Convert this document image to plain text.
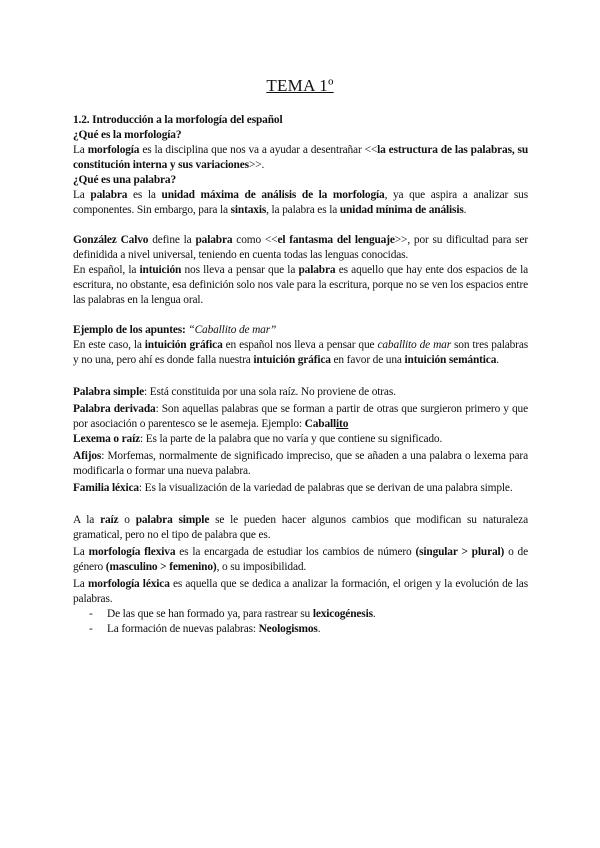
TEMA 1º

1.2. Introducción a la morfología del español

¿Qué es la morfología?

La morfología es la disciplina que nos va a ayudar a desentrañar <<la estructura de las palabras, su constitución interna y sus variaciones>>.

¿Qué es una palabra?

La palabra es la unidad máxima de análisis de la morfología, ya que aspira a analizar sus componentes. Sin embargo, para la sintaxis, la palabra es la unidad mínima de análisis.

González Calvo define la palabra como <<el fantasma del lenguaje>>, por su dificultad para ser definidida a nivel universal, teniendo en cuenta todas las lenguas conocidas.

En español, la intuición nos lleva a pensar que la palabra es aquello que hay ente dos espacios de la escritura, no obstante, esa definición solo nos vale para la escritura, porque no se ven los espacios entre las palabras en la lengua oral.

Ejemplo de los apuntes: “Caballito de mar”

En este caso, la intuición gráfica en español nos lleva a pensar que caballito de mar son tres palabras y no una, pero ahí es donde falla nuestra intuición gráfica en favor de una intuición semántica.

Palabra simple: Está constituida por una sola raíz. No proviene de otras.

Palabra derivada: Son aquellas palabras que se forman a partir de otras que surgieron primero y que por asociación o parentesco se le asemeja. Ejemplo: Caballito

Lexema o raíz: Es la parte de la palabra que no varía y que contiene su significado.

Afijos: Morfemas, normalmente de significado impreciso, que se añaden a una palabra o lexema para modificarla o formar una nueva palabra.

Familia léxica: Es la visualización de la variedad de palabras que se derivan de una palabra simple.

A la raíz o palabra simple se le pueden hacer algunos cambios que modifican su naturaleza gramatical, pero no el tipo de palabra que es.

La morfología flexiva es la encargada de estudiar los cambios de número (singular > plural) o de género (masculino > femenino), o su imposibilidad.

La morfología léxica es aquella que se dedica a analizar la formación, el origen y la evolución de las palabras.

- De las que se han formado ya, para rastrear su lexicogénesis.
- La formación de nuevas palabras: Neologismos.
